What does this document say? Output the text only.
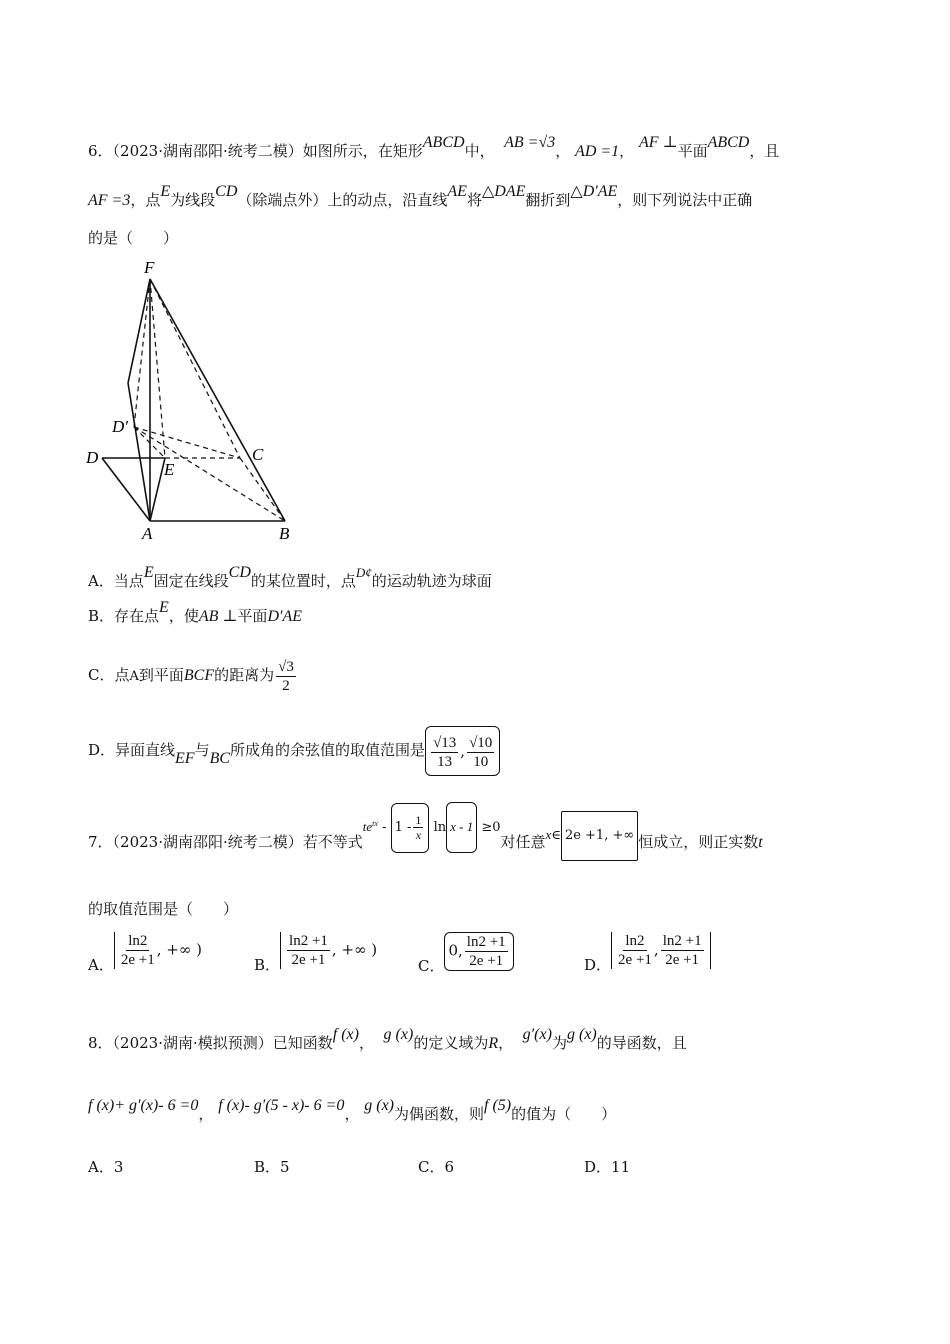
6．（2023·湖南邵阳·统考二模）如图所示，在矩形ABCD中， AB =√3， AD =1， AF ⊥平面ABCD，且
AF =3，点E为线段CD（除端点外）上的动点，沿直线AE将△DAE翻折到△D′AE，则下列说法中正确
的是（　　）
F
D′
D
E
C
A	B
A．当点E固定在线段CD的某位置时，点D¢的运动轨迹为球面
B．存在点E，使AB ⊥平面D′AE
C．点A到平面BCF的距离为 $\frac{√3}{2}$
D．异面直线EF与BC所成角的余弦值的取值范围是 $\frac{√13}{13}$ , $\frac{√10}{10}$
7．（2023·湖南邵阳·统考二模）若不等式$te^{tx} - 1 - \frac{1}{x}$ ln x - 1 ≥0对任意x∈ 2e +1, +∞ 恒成立，则正实数t
的取值范围是（　　）
A． $\frac{\ln 2}{2e +1}$ , +∞ )
B． $\frac{\ln 2 +1}{2e +1}$ , +∞ )
C．0, $\frac{\ln 2 +1}{2e +1}$	D． $\frac{\ln 2}{2e +1}$ , $\frac{\ln 2 +1}{2e +1}$
8．（2023·湖南·模拟预测）已知函数f (x)， g (x)的定义域为R， g′(x)为g (x)的导函数，且
f (x)+ g′(x)- 6 =0， f (x)- g′(5 - x)- 6 =0， g (x)为偶函数，则f (5)的值为（　　）
A．3	B．5	C．6	D．11
